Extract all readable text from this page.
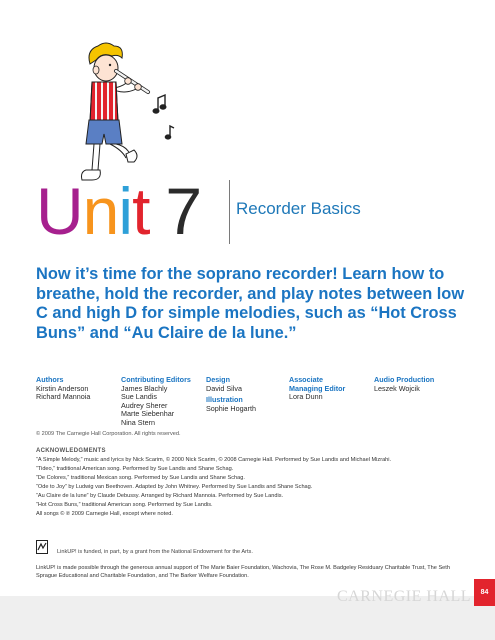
Unit 7 Recorder Basics
Now it’s time for the soprano recorder! Learn how to breathe, hold the recorder, and play notes between low C and high D for simple melodies, such as “Hot Cross Buns” and “Au Claire de la lune.”
Authors
Kirstin Anderson
Richard Mannoia
Contributing Editors
James Blachly
Sue Landis
Audrey Sherer
Marte Siebenhar
Nina Stern
Design
David Silva
Illustration
Sophie Hogarth
Associate Managing Editor
Lora Dunn
Audio Production
Leszek Wojcik
© 2009 The Carnegie Hall Corporation. All rights reserved.
ACKNOWLEDGMENTS
“A Simple Melody,” music and lyrics by Nick Scarim, © 2000 Nick Scarim, © 2008 Carnegie Hall. Performed by Sue Landis and Michael Mizrahi.
“Tideo,” traditional American song. Performed by Sue Landis and Shane Schag.
“De Colores,” traditional Mexican song. Performed by Sue Landis and Shane Schag.
“Ode to Joy” by Ludwig van Beethoven. Adapted by John Whitney. Performed by Sue Landis and Shane Schag.
“Au Claire de la lune” by Claude Debussy. Arranged by Richard Mannoia. Performed by Sue Landis.
“Hot Cross Buns,” traditional American song. Performed by Sue Landis.
All songs © ℗ 2009 Carnegie Hall, except where noted.
LinkUP! is funded, in part, by a grant from the National Endowment for the Arts.
LinkUP! is made possible through the generous annual support of The Marie Baier Foundation, Wachovia, The Rose M. Badgeley Residuary Charitable Trust, The Seth Sprague Educational and Charitable Foundation, and The Barker Welfare Foundation.
CARNEGIE HALL	84
